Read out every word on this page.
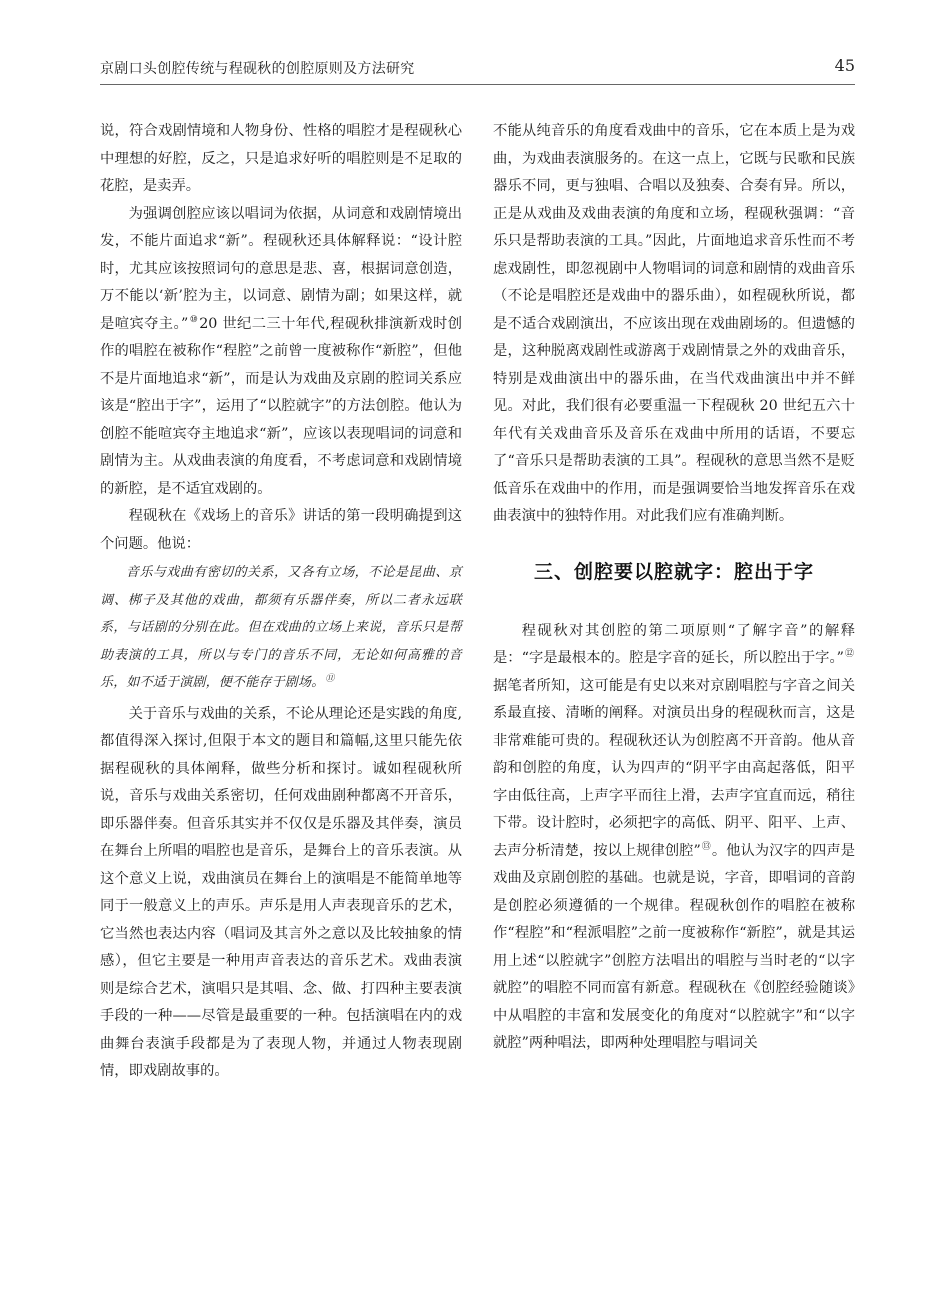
京剧口头创腔传统与程砚秋的创腔原则及方法研究	45

说，符合戏剧情境和人物身份、性格的唱腔才是程砚秋心中理想的好腔，反之，只是追求好听的唱腔则是不足取的花腔，是卖弄。

为强调创腔应该以唱词为依据，从词意和戏剧情境出发，不能片面追求“新”。程砚秋还具体解释说：“设计腔时，尤其应该按照词句的意思是悲、喜，根据词意创造，万不能以‘新’腔为主，以词意、剧情为副；如果这样，就是喧宾夺主。”⑩20 世纪二三十年代,程砚秋排演新戏时创作的唱腔在被称作“程腔”之前曾一度被称作“新腔”，但他不是片面地追求“新”，而是认为戏曲及京剧的腔词关系应该是“腔出于字”，运用了“以腔就字”的方法创腔。他认为创腔不能喧宾夺主地追求“新”，应该以表现唱词的词意和剧情为主。从戏曲表演的角度看，不考虑词意和戏剧情境的新腔，是不适宜戏剧的。

程砚秋在《戏场上的音乐》讲话的第一段明确提到这个问题。他说：

音乐与戏曲有密切的关系，又各有立场，不论是昆曲、京调、梆子及其他的戏曲，都须有乐器伴奏，所以二者永远联系，与话剧的分别在此。但在戏曲的立场上来说，音乐只是帮助表演的工具，所以与专门的音乐不同，无论如何高雅的音乐，如不适于演剧，便不能存于剧场。⑪

关于音乐与戏曲的关系，不论从理论还是实践的角度,都值得深入探讨,但限于本文的题目和篇幅,这里只能先依据程砚秋的具体阐释，做些分析和探讨。诚如程砚秋所说，音乐与戏曲关系密切，任何戏曲剧种都离不开音乐，即乐器伴奏。但音乐其实并不仅仅是乐器及其伴奏，演员在舞台上所唱的唱腔也是音乐，是舞台上的音乐表演。从这个意义上说，戏曲演员在舞台上的演唱是不能简单地等同于一般意义上的声乐。声乐是用人声表现音乐的艺术，它当然也表达内容（唱词及其言外之意以及比较抽象的情感），但它主要是一种用声音表达的音乐艺术。戏曲表演则是综合艺术，演唱只是其唱、念、做、打四种主要表演手段的一种——尽管是最重要的一种。包括演唱在内的戏曲舞台表演手段都是为了表现人物，并通过人物表现剧情，即戏剧故事的。

不能从纯音乐的角度看戏曲中的音乐，它在本质上是为戏曲，为戏曲表演服务的。在这一点上，它既与民歌和民族器乐不同，更与独唱、合唱以及独奏、合奏有异。所以，正是从戏曲及戏曲表演的角度和立场，程砚秋强调：“音乐只是帮助表演的工具。”因此，片面地追求音乐性而不考虑戏剧性，即忽视剧中人物唱词的词意和剧情的戏曲音乐（不论是唱腔还是戏曲中的器乐曲），如程砚秋所说，都是不适合戏剧演出，不应该出现在戏曲剧场的。但遗憾的是，这种脱离戏剧性或游离于戏剧情景之外的戏曲音乐，特别是戏曲演出中的器乐曲，在当代戏曲演出中并不鲜见。对此，我们很有必要重温一下程砚秋 20 世纪五六十年代有关戏曲音乐及音乐在戏曲中所用的话语，不要忘了“音乐只是帮助表演的工具”。程砚秋的意思当然不是贬低音乐在戏曲中的作用，而是强调要恰当地发挥音乐在戏曲表演中的独特作用。对此我们应有准确判断。

三、创腔要以腔就字：腔出于字

程砚秋对其创腔的第二项原则“了解字音”的解释是：“字是最根本的。腔是字音的延长，所以腔出于字。”⑫据笔者所知，这可能是有史以来对京剧唱腔与字音之间关系最直接、清晰的阐释。对演员出身的程砚秋而言，这是非常难能可贵的。程砚秋还认为创腔离不开音韵。他从音韵和创腔的角度，认为四声的“阴平字由高起落低，阳平字由低往高，上声字平而往上滑，去声字宜直而远，稍往下带。设计腔时，必须把字的高低、阴平、阳平、上声、去声分析清楚，按以上规律创腔”⑬。他认为汉字的四声是戏曲及京剧创腔的基础。也就是说，字音，即唱词的音韵是创腔必须遵循的一个规律。程砚秋创作的唱腔在被称作“程腔”和“程派唱腔”之前一度被称作“新腔”，就是其运用上述“以腔就字”创腔方法唱出的唱腔与当时老的“以字就腔”的唱腔不同而富有新意。程砚秋在《创腔经验随谈》中从唱腔的丰富和发展变化的角度对“以腔就字”和“以字就腔”两种唱法，即两种处理唱腔与唱词关
